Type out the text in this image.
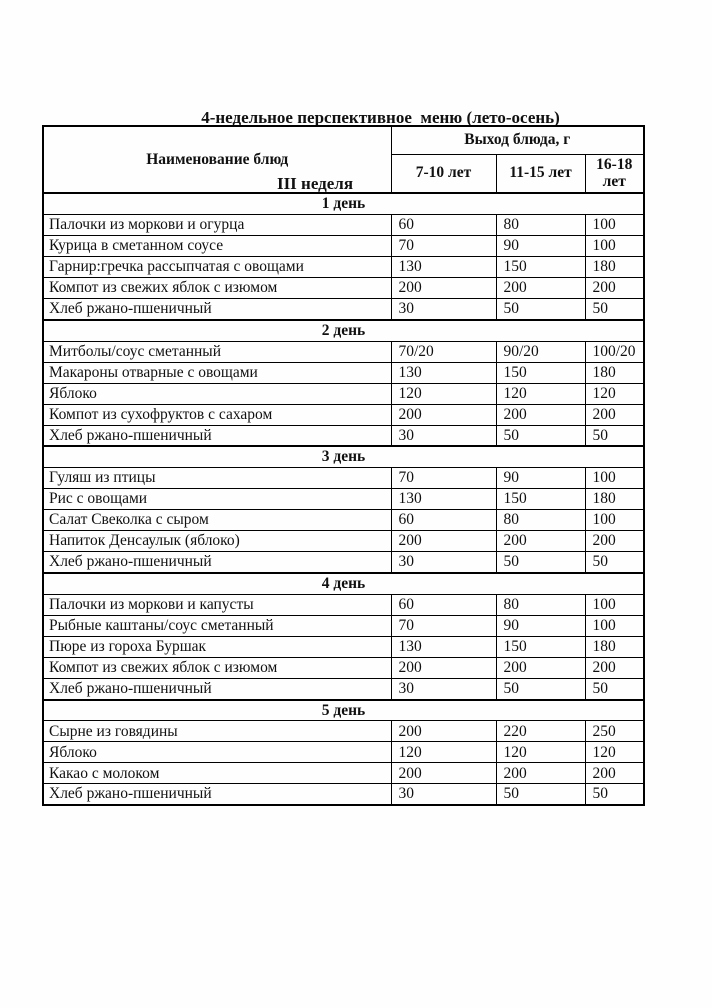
4-недельное перспективное  меню (лето-осень)

III неделя

Наименование блюд	Выход блюда, г		
	7-10 лет	11-15 лет	16-18 лет
1 день			
Палочки из моркови и огурца	60	80	100
Курица в сметанном соусе	70	90	100
Гарнир:гречка рассыпчатая с овощами	130	150	180
Компот из свежих яблок с изюмом	200	200	200
Хлеб ржано-пшеничный	30	50	50
2 день			
Митболы/соус сметанный	70/20	90/20	100/20
Макароны отварные с овощами	130	150	180
Яблоко	120	120	120
Компот из сухофруктов с сахаром	200	200	200
Хлеб ржано-пшеничный	30	50	50
3 день			
Гуляш из птицы	70	90	100
Рис с овощами	130	150	180
Салат Свеколка с сыром	60	80	100
Напиток Денсаулык (яблоко)	200	200	200
Хлеб ржано-пшеничный	30	50	50
4 день			
Палочки из моркови и капусты	60	80	100
Рыбные каштаны/соус сметанный	70	90	100
Пюре из гороха Буршак	130	150	180
Компот из свежих яблок с изюмом	200	200	200
Хлеб ржано-пшеничный	30	50	50
5 день			
Сырне из говядины	200	220	250
Яблоко	120	120	120
Какао с молоком	200	200	200
Хлеб ржано-пшеничный	30	50	50
